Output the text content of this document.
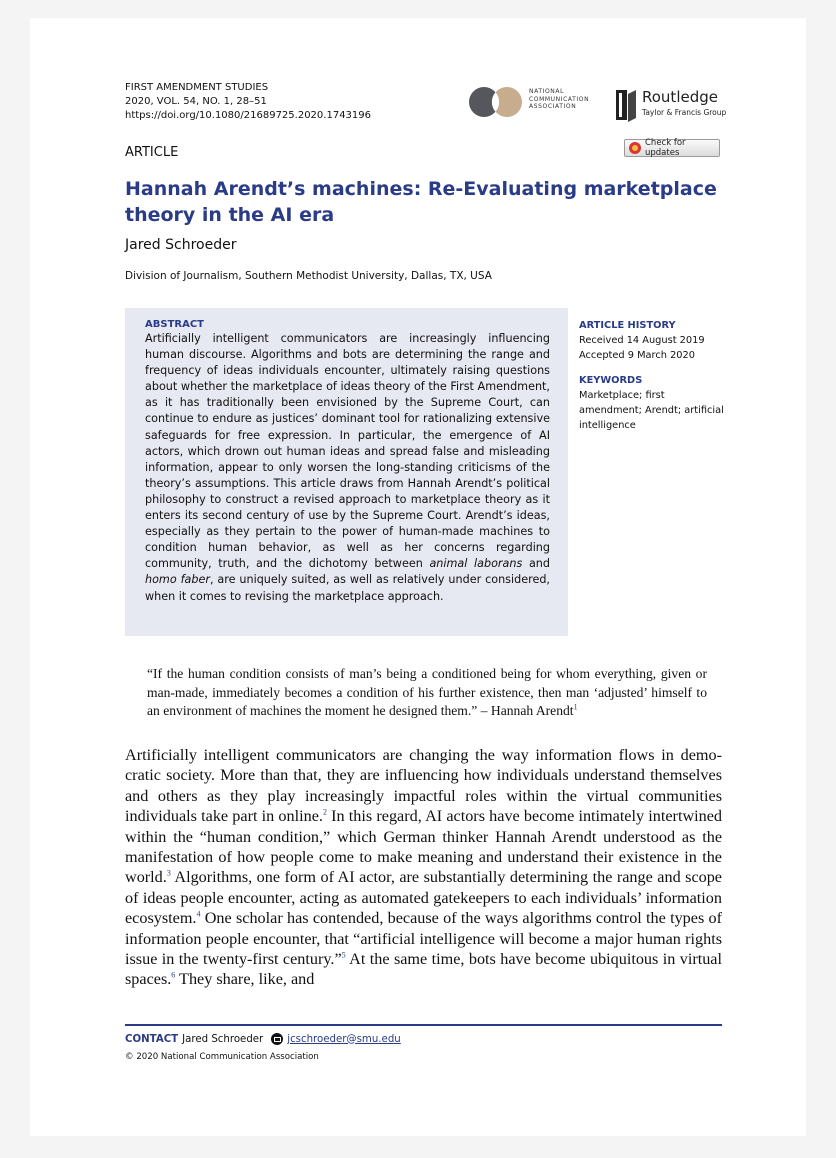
FIRST AMENDMENT STUDIES
2020, VOL. 54, NO. 1, 28–51
https://doi.org/10.1080/21689725.2020.1743196
NATIONAL
COMMUNICATION
ASSOCIATION
Routledge
Taylor & Francis Group
ARTICLE
Check for updates
Hannah Arendt’s machines: Re-Evaluating marketplace theory in the AI era
Jared Schroeder
Division of Journalism, Southern Methodist University, Dallas, TX, USA
ABSTRACT
Artificially intelligent communicators are increasingly influencing human discourse. Algorithms and bots are determining the range and frequency of ideas individuals encounter, ultimately raising questions about whether the marketplace of ideas theory of the First Amendment, as it has traditionally been envisioned by the Supreme Court, can continue to endure as justices’ dominant tool for rationalizing extensive safeguards for free expression. In particular, the emergence of AI actors, which drown out human ideas and spread false and misleading information, appear to only worsen the long-standing criticisms of the theory’s assumptions. This article draws from Hannah Arendt’s political philosophy to construct a revised approach to marketplace theory as it enters its second century of use by the Supreme Court. Arendt’s ideas, especially as they pertain to the power of human-made machines to condition human behavior, as well as her concerns regarding community, truth, and the dichotomy between animal laborans and homo faber, are uniquely suited, as well as relatively under considered, when it comes to revising the marketplace approach.
ARTICLE HISTORY
Received 14 August 2019
Accepted 9 March 2020
KEYWORDS
Marketplace; first amendment; Arendt; artificial intelligence
“If the human condition consists of man’s being a conditioned being for whom everything, given or man-made, immediately becomes a condition of his further existence, then man ‘adjusted’ himself to an environment of machines the moment he designed them.” – Hannah Arendt$^1$
Artificially intelligent communicators are changing the way information flows in democratic society. More than that, they are influencing how individuals understand themselves and others as they play increasingly impactful roles within the virtual communities individuals take part in online.$^2$ In this regard, AI actors have become intimately intertwined within the “human condition,” which German thinker Hannah Arendt understood as the manifestation of how people come to make meaning and understand their existence in the world.$^3$ Algorithms, one form of AI actor, are substantially determining the range and scope of ideas people encounter, acting as automated gatekeepers to each individuals’ information ecosystem.$^4$ One scholar has contended, because of the ways algorithms control the types of information people encounter, that “artificial intelligence will become a major human rights issue in the twenty-first century.”$^5$ At the same time, bots have become ubiquitous in virtual spaces.$^6$ They share, like, and
CONTACT Jared Schroeder jcschroeder@smu.edu
© 2020 National Communication Association
